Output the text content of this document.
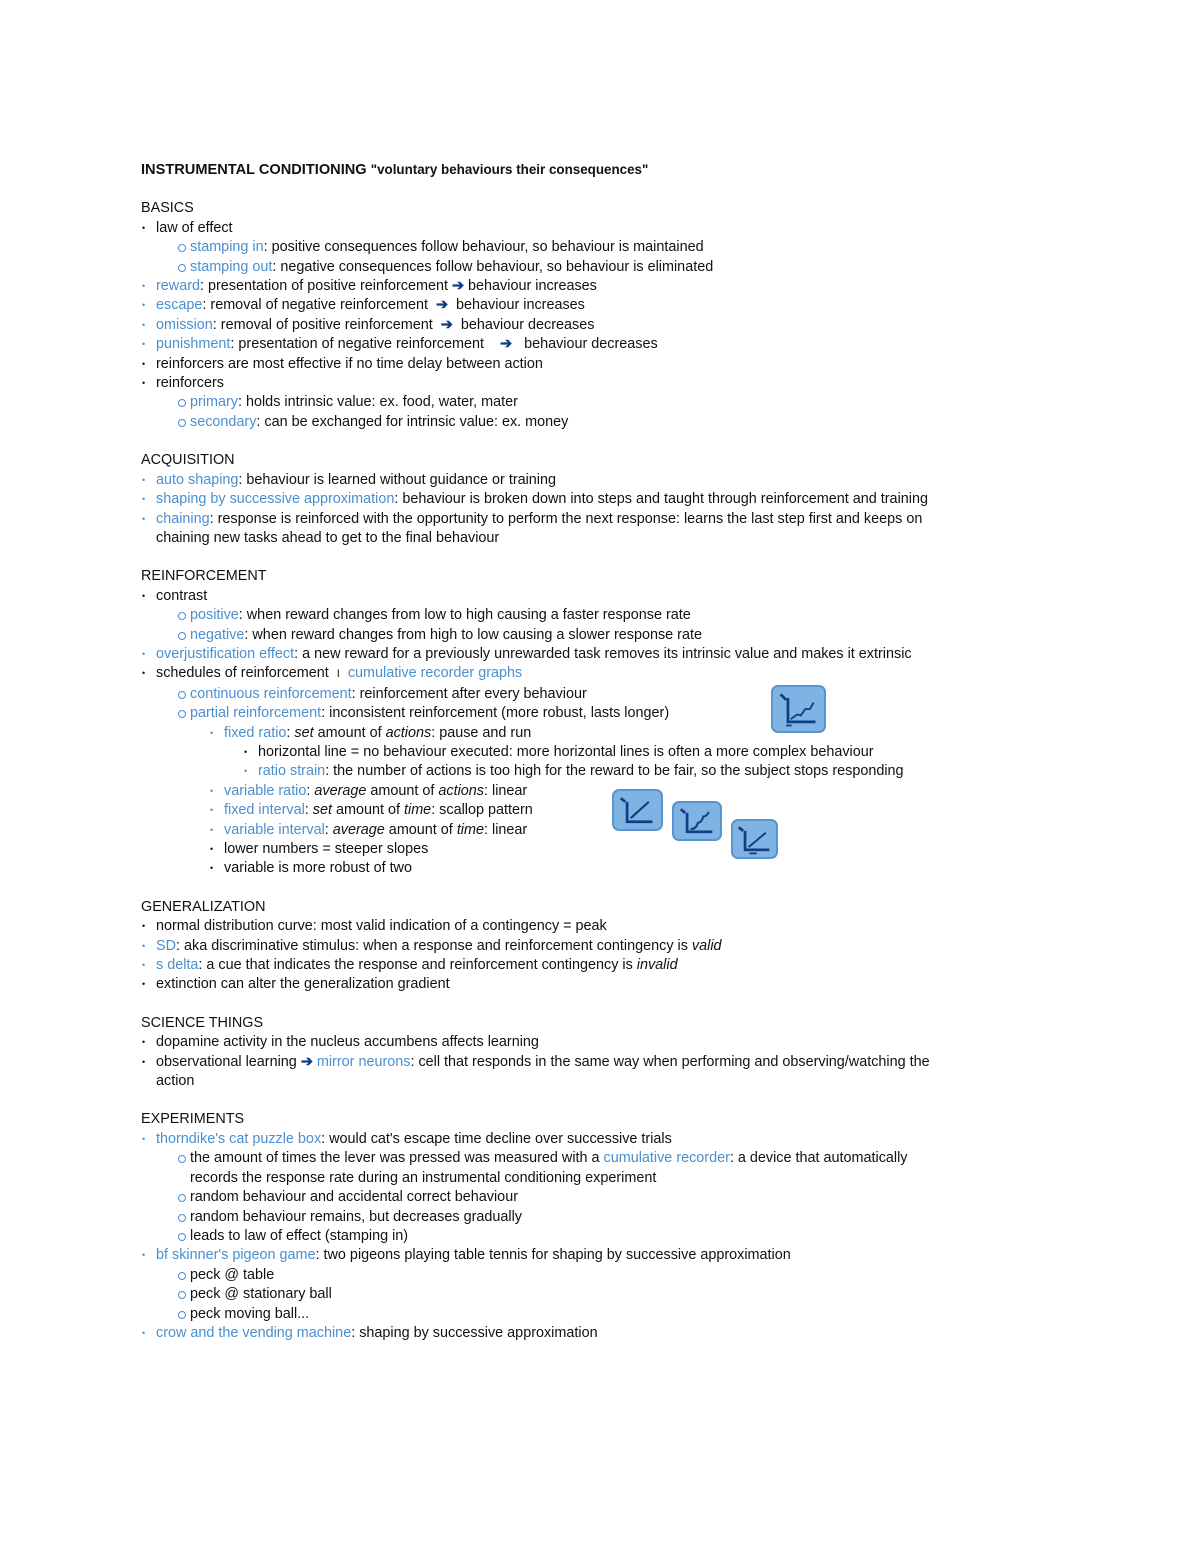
INSTRUMENTAL CONDITIONING "voluntary behaviours their consequences"
BASICS
• law of effect
stamping in: positive consequences follow behaviour, so behaviour is maintained
stamping out: negative consequences follow behaviour, so behaviour is eliminated
• reward: presentation of positive reinforcement ➔ behaviour increases
• escape: removal of negative reinforcement ➔ behaviour increases
• omission: removal of positive reinforcement ➔ behaviour decreases
• punishment: presentation of negative reinforcement ➔ behaviour decreases
• reinforcers are most effective if no time delay between action
• reinforcers
primary: holds intrinsic value: ex. food, water, mater
secondary: can be exchanged for intrinsic value: ex. money
ACQUISITION
• auto shaping: behaviour is learned without guidance or training
• shaping by successive approximation: behaviour is broken down into steps and taught through reinforcement and training
• chaining: response is reinforced with the opportunity to perform the next response: learns the last step first and keeps on
chaining new tasks ahead to get to the final behaviour
REINFORCEMENT
• contrast
positive: when reward changes from low to high causing a faster response rate
negative: when reward changes from high to low causing a slower response rate
• overjustification effect: a new reward for a previously unrewarded task removes its intrinsic value and makes it extrinsic
• schedules of reinforcement I cumulative recorder graphs
continuous reinforcement: reinforcement after every behaviour
partial reinforcement: inconsistent reinforcement (more robust, lasts longer)
• fixed ratio: set amount of actions: pause and run
• horizontal line = no behaviour executed: more horizontal lines is often a more complex behaviour
• ratio strain: the number of actions is too high for the reward to be fair, so the subject stops responding
• variable ratio: average amount of actions: linear
• fixed interval: set amount of time: scallop pattern
• variable interval: average amount of time: linear
• lower numbers = steeper slopes
• variable is more robust of two
GENERALIZATION
• normal distribution curve: most valid indication of a contingency = peak
• SD: aka discriminative stimulus: when a response and reinforcement contingency is valid
• s delta: a cue that indicates the response and reinforcement contingency is invalid
• extinction can alter the generalization gradient
SCIENCE THINGS
• dopamine activity in the nucleus accumbens affects learning
• observational learning ➔ mirror neurons: cell that responds in the same way when performing and observing/watching the
action
EXPERIMENTS
• thorndike's cat puzzle box: would cat's escape time decline over successive trials
the amount of times the lever was pressed was measured with a cumulative recorder: a device that automatically
records the response rate during an instrumental conditioning experiment
random behaviour and accidental correct behaviour
random behaviour remains, but decreases gradually
leads to law of effect (stamping in)
• bf skinner's pigeon game: two pigeons playing table tennis for shaping by successive approximation
peck @ table
peck @ stationary ball
peck moving ball...
• crow and the vending machine: shaping by successive approximation
